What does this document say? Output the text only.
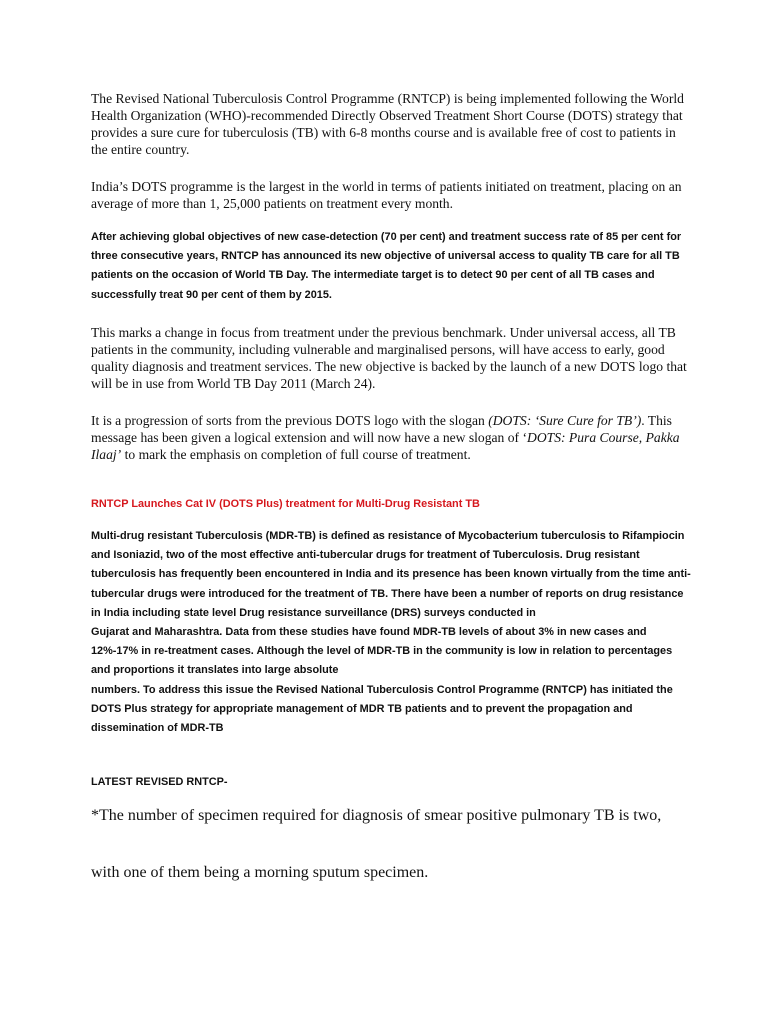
The Revised National Tuberculosis Control Programme (RNTCP) is being implemented following the World Health Organization (WHO)-recommended Directly Observed Treatment Short Course (DOTS) strategy that provides a sure cure for tuberculosis (TB) with 6-8 months course and is available free of cost to patients in the entire country.

India’s DOTS programme is the largest in the world in terms of patients initiated on treatment, placing on an average of more than 1, 25,000 patients on treatment every month.

After achieving global objectives of new case-detection (70 per cent) and treatment success rate of 85 per cent for three consecutive years, RNTCP has announced its new objective of universal access to quality TB care for all TB patients on the occasion of World TB Day. The intermediate target is to detect 90 per cent of all TB cases and successfully treat 90 per cent of them by 2015.

This marks a change in focus from treatment under the previous benchmark. Under universal access, all TB patients in the community, including vulnerable and marginalised persons, will have access to early, good quality diagnosis and treatment services. The new objective is backed by the launch of a new DOTS logo that will be in use from World TB Day 2011 (March 24).

It is a progression of sorts from the previous DOTS logo with the slogan (DOTS: ‘Sure Cure for TB’). This message has been given a logical extension and will now have a new slogan of ‘DOTS: Pura Course, Pakka Ilaaj’ to mark the emphasis on completion of full course of treatment.

RNTCP Launches Cat IV (DOTS Plus) treatment for Multi-Drug Resistant TB

Multi-drug resistant Tuberculosis (MDR-TB) is defined as resistance of Mycobacterium tuberculosis to Rifampiocin and Isoniazid, two of the most effective anti-tubercular drugs for treatment of Tuberculosis. Drug resistant tuberculosis has frequently been encountered in India and its presence has been known virtually from the time anti-tubercular drugs were introduced for the treatment of TB. There have been a number of reports on drug resistance in India including state level Drug resistance surveillance (DRS) surveys conducted in
Gujarat and Maharashtra. Data from these studies have found MDR-TB levels of about 3% in new cases and 12%-17% in re-treatment cases. Although the level of MDR-TB in the community is low in relation to percentages and proportions it translates into large absolute
numbers. To address this issue the Revised National Tuberculosis Control Programme (RNTCP) has initiated the DOTS Plus strategy for appropriate management of MDR TB patients and to prevent the propagation and dissemination of MDR-TB

LATEST REVISED RNTCP-

*The number of specimen required for diagnosis of smear positive pulmonary TB is two,

with one of them being a morning sputum specimen.
